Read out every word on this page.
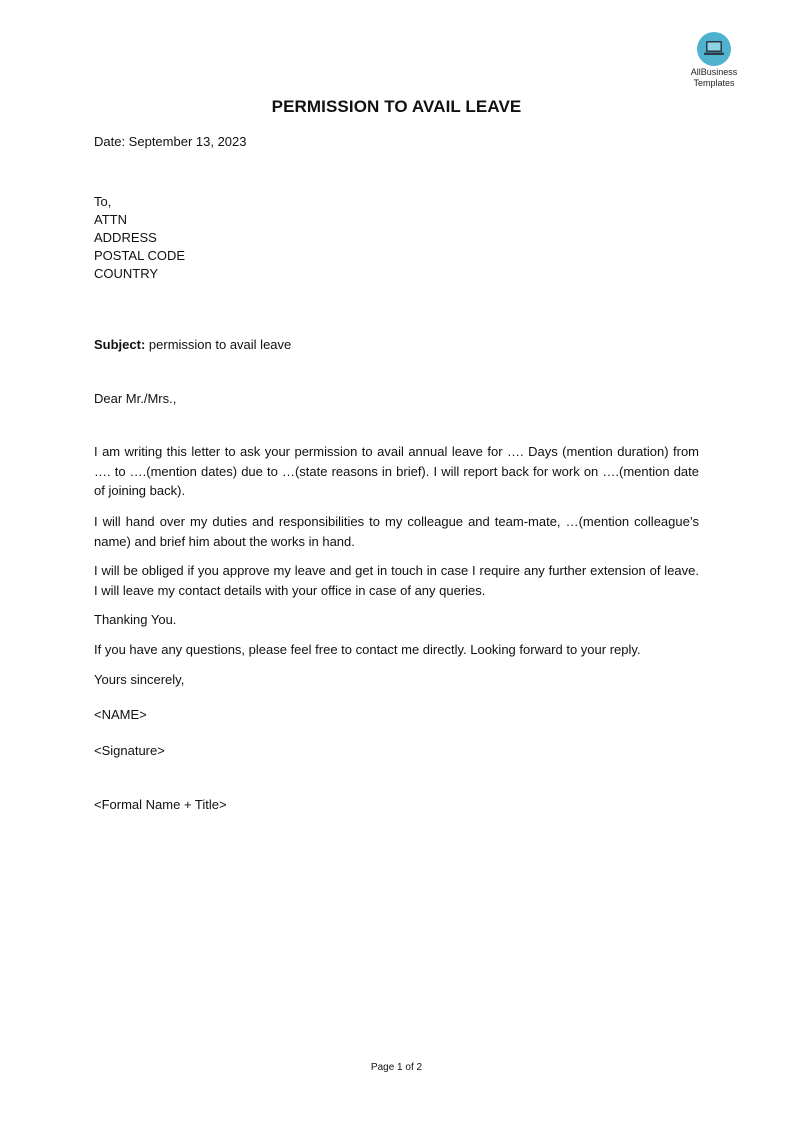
AllBusiness
Templates
PERMISSION TO AVAIL LEAVE
Date: September 13, 2023
To,
ATTN
ADDRESS
POSTAL CODE
COUNTRY
Subject: permission to avail leave
Dear Mr./Mrs.,
I am writing this letter to ask your permission to avail annual leave for …. Days (mention duration) from …. to ….(mention dates) due to …(state reasons in brief). I will report back for work on ….(mention date of joining back).
I will hand over my duties and responsibilities to my colleague and team-mate, …(mention colleague’s name) and brief him about the works in hand.
I will be obliged if you approve my leave and get in touch in case I require any further extension of leave. I will leave my contact details with your office in case of any queries.
Thanking You.
If you have any questions, please feel free to contact me directly. Looking forward to your reply.
Yours sincerely,
<NAME>
<Signature>
<Formal Name + Title>
Page 1 of 2
